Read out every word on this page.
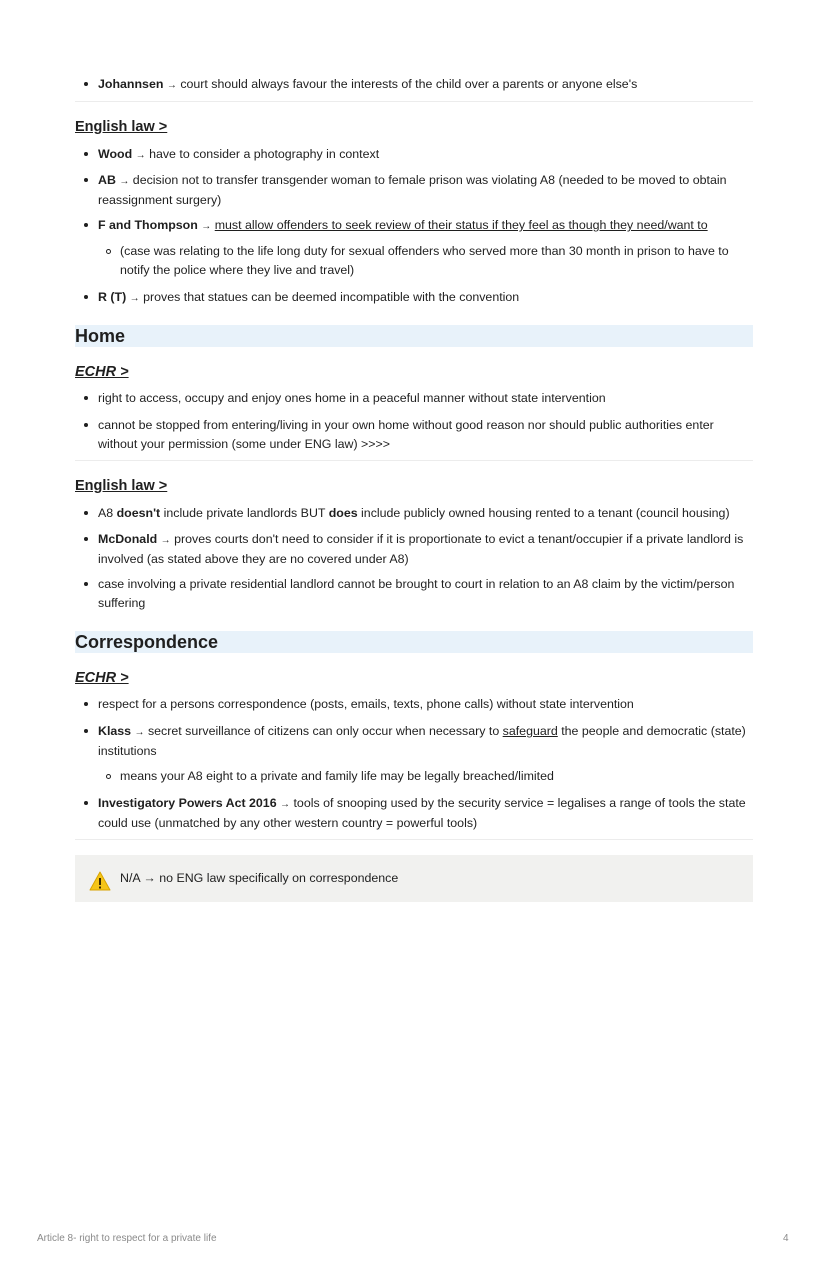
Johannsen → court should always favour the interests of the child over a parents or anyone else's
English law >
Wood → have to consider a photography in context
AB → decision not to transfer transgender woman to female prison was violating A8 (needed to be moved to obtain reassignment surgery)
F and Thompson → must allow offenders to seek review of their status if they feel as though they need/want to
(case was relating to the life long duty for sexual offenders who served more than 30 month in prison to have to notify the police where they live and travel)
R (T) → proves that statues can be deemed incompatible with the convention
Home
ECHR >
right to access, occupy and enjoy ones home in a peaceful manner without state intervention
cannot be stopped from entering/living in your own home without good reason nor should public authorities enter without your permission (some under ENG law) >>>>
English law >
A8 doesn't include private landlords BUT does include publicly owned housing rented to a tenant (council housing)
McDonald → proves courts don't need to consider if it is proportionate to evict a tenant/occupier if a private landlord is involved (as stated above they are no covered under A8)
case involving a private residential landlord cannot be brought to court in relation to an A8 claim by the victim/person suffering
Correspondence
ECHR >
respect for a persons correspondence (posts, emails, texts, phone calls) without state intervention
Klass → secret surveillance of citizens can only occur when necessary to safeguard the people and democratic (state) institutions
means your A8 eight to a private and family life may be legally breached/limited
Investigatory Powers Act 2016 → tools of snooping used by the security service = legalises a range of tools the state could use (unmatched by any other western country = powerful tools)
N/A → no ENG law specifically on correspondence
Article 8- right to respect for a private life	4
